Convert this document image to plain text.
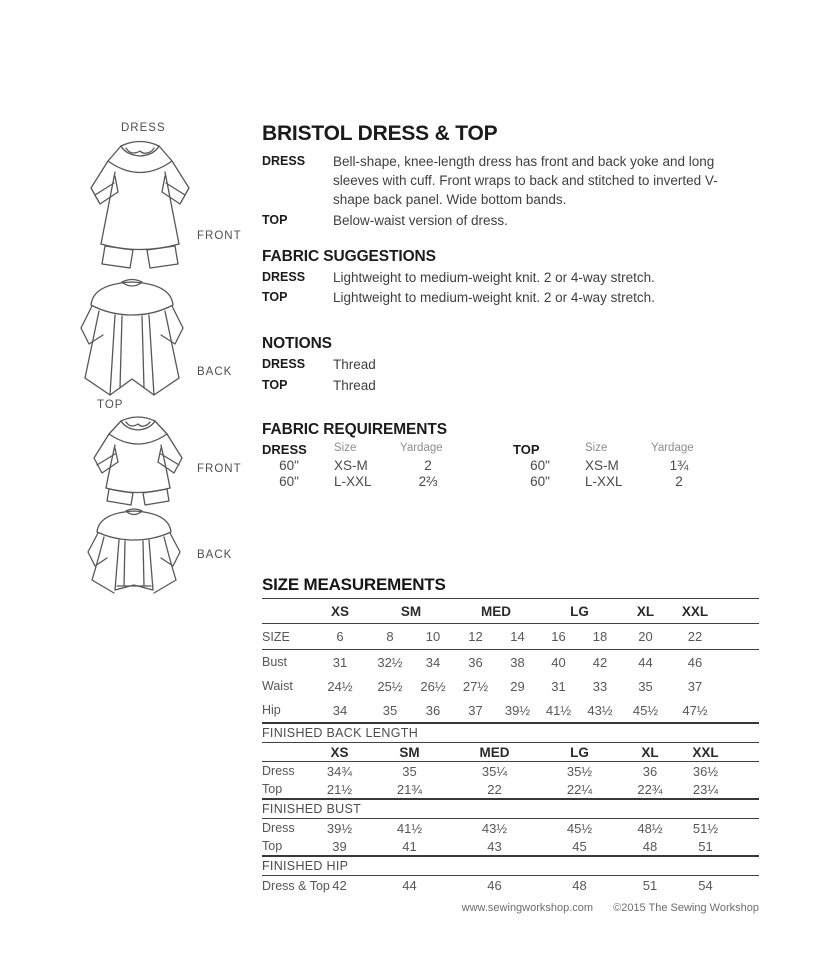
DRESS
FRONT
BACK
TOP
FRONT
BACK
BRISTOL DRESS & TOP
DRESS	Bell-shape, knee-length dress has front and back yoke and long sleeves with cuff. Front wraps to back and stitched to inverted V-shape back panel. Wide bottom bands.
TOP	Below-waist version of dress.
FABRIC SUGGESTIONS
DRESS	Lightweight to medium-weight knit. 2 or 4-way stretch.
TOP	Lightweight to medium-weight knit. 2 or 4-way stretch.
NOTIONS
DRESS	Thread
TOP	Thread
FABRIC REQUIREMENTS
DRESS	Size	Yardage
60"	XS-M	2
60"	L-XXL	2⅔
TOP	Size	Yardage
60"	XS-M	1¾
60"	L-XXL	2
SIZE MEASUREMENTS
	XS	SM		MED		LG		XL	XXL	
SIZE	6	8	10	12	14	16	18	20	22	
Bust	31	32½	34	36	38	40	42	44	46	
Waist	24½	25½	26½	27½	29	31	33	35	37	
Hip	34	35	36	37	39½	41½	43½	45½	47½	
FINISHED BACK LENGTH
	XS	SM	MED	LG	XL	XXL	
Dress	34¾	35	35¼	35½	36	36½	
Top	21½	21¾	22	22¼	22¾	23¼	
FINISHED BUST
Dress	39½	41½	43½	45½	48½	51½	
Top	39	41	43	45	48	51	
FINISHED HIP
Dress & Top	42	44	46	48	51	54	
www.sewingworkshop.com ©2015 The Sewing Workshop
